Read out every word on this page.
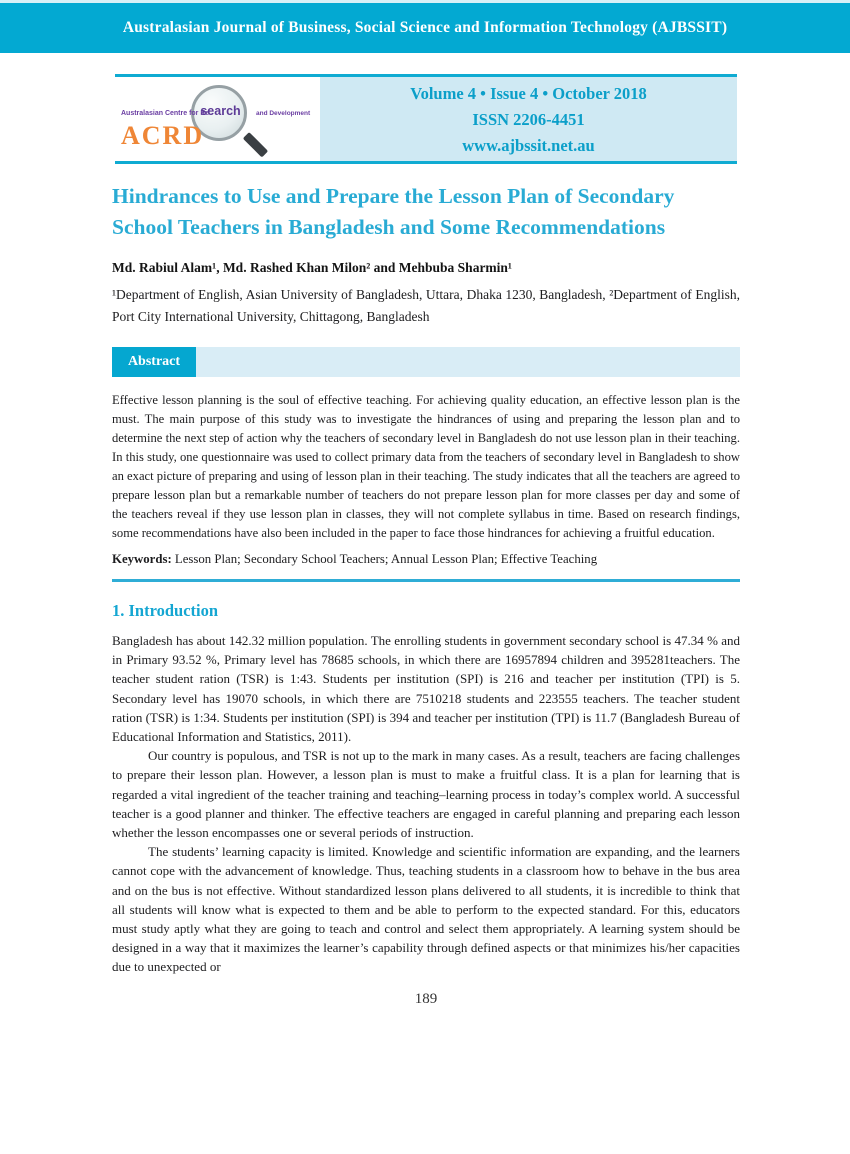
Australasian Journal of Business, Social Science and Information Technology (AJBSSIT)
Australasian Centre for Re
search	and Development
ACRD
Volume 4 • Issue 4 • October 2018
ISSN 2206-4451
www.ajbssit.net.au
Hindrances to Use and Prepare the Lesson Plan of Secondary School Teachers in Bangladesh and Some Recommendations

Md. Rabiul Alam¹, Md. Rashed Khan Milon² and Mehbuba Sharmin¹

¹Department of English, Asian University of Bangladesh, Uttara, Dhaka 1230, Bangladesh, ²Department of English, Port City International University, Chittagong, Bangladesh

Abstract

Effective lesson planning is the soul of effective teaching. For achieving quality education, an effective lesson plan is the must. The main purpose of this study was to investigate the hindrances of using and preparing the lesson plan and to determine the next step of action why the teachers of secondary level in Bangladesh do not use lesson plan in their teaching. In this study, one questionnaire was used to collect primary data from the teachers of secondary level in Bangladesh to show an exact picture of preparing and using of lesson plan in their teaching. The study indicates that all the teachers are agreed to prepare lesson plan but a remarkable number of teachers do not prepare lesson plan for more classes per day and some of the teachers reveal if they use lesson plan in classes, they will not complete syllabus in time. Based on research findings, some recommendations have also been included in the paper to face those hindrances for achieving a fruitful education.

Keywords: Lesson Plan; Secondary School Teachers; Annual Lesson Plan; Effective Teaching

1. Introduction

Bangladesh has about 142.32 million population. The enrolling students in government secondary school is 47.34 % and in Primary 93.52 %, Primary level has 78685 schools, in which there are 16957894 children and 395281teachers. The teacher student ration (TSR) is 1:43. Students per institution (SPI) is 216 and teacher per institution (TPI) is 5. Secondary level has 19070 schools, in which there are 7510218 students and 223555 teachers. The teacher student ration (TSR) is 1:34. Students per institution (SPI) is 394 and teacher per institution (TPI) is 11.7 (Bangladesh Bureau of Educational Information and Statistics, 2011).

Our country is populous, and TSR is not up to the mark in many cases. As a result, teachers are facing challenges to prepare their lesson plan. However, a lesson plan is must to make a fruitful class. It is a plan for learning that is regarded a vital ingredient of the teacher training and teaching–learning process in today’s complex world. A successful teacher is a good planner and thinker. The effective teachers are engaged in careful planning and preparing each lesson whether the lesson encompasses one or several periods of instruction.

The students’ learning capacity is limited. Knowledge and scientific information are expanding, and the learners cannot cope with the advancement of knowledge. Thus, teaching students in a classroom how to behave in the bus area and on the bus is not effective. Without standardized lesson plans delivered to all students, it is incredible to think that all students will know what is expected to them and be able to perform to the expected standard. For this, educators must study aptly what they are going to teach and control and select them appropriately. A learning system should be designed in a way that it maximizes the learner’s capability through defined aspects or that minimizes his/her capacities due to unexpected or

189
